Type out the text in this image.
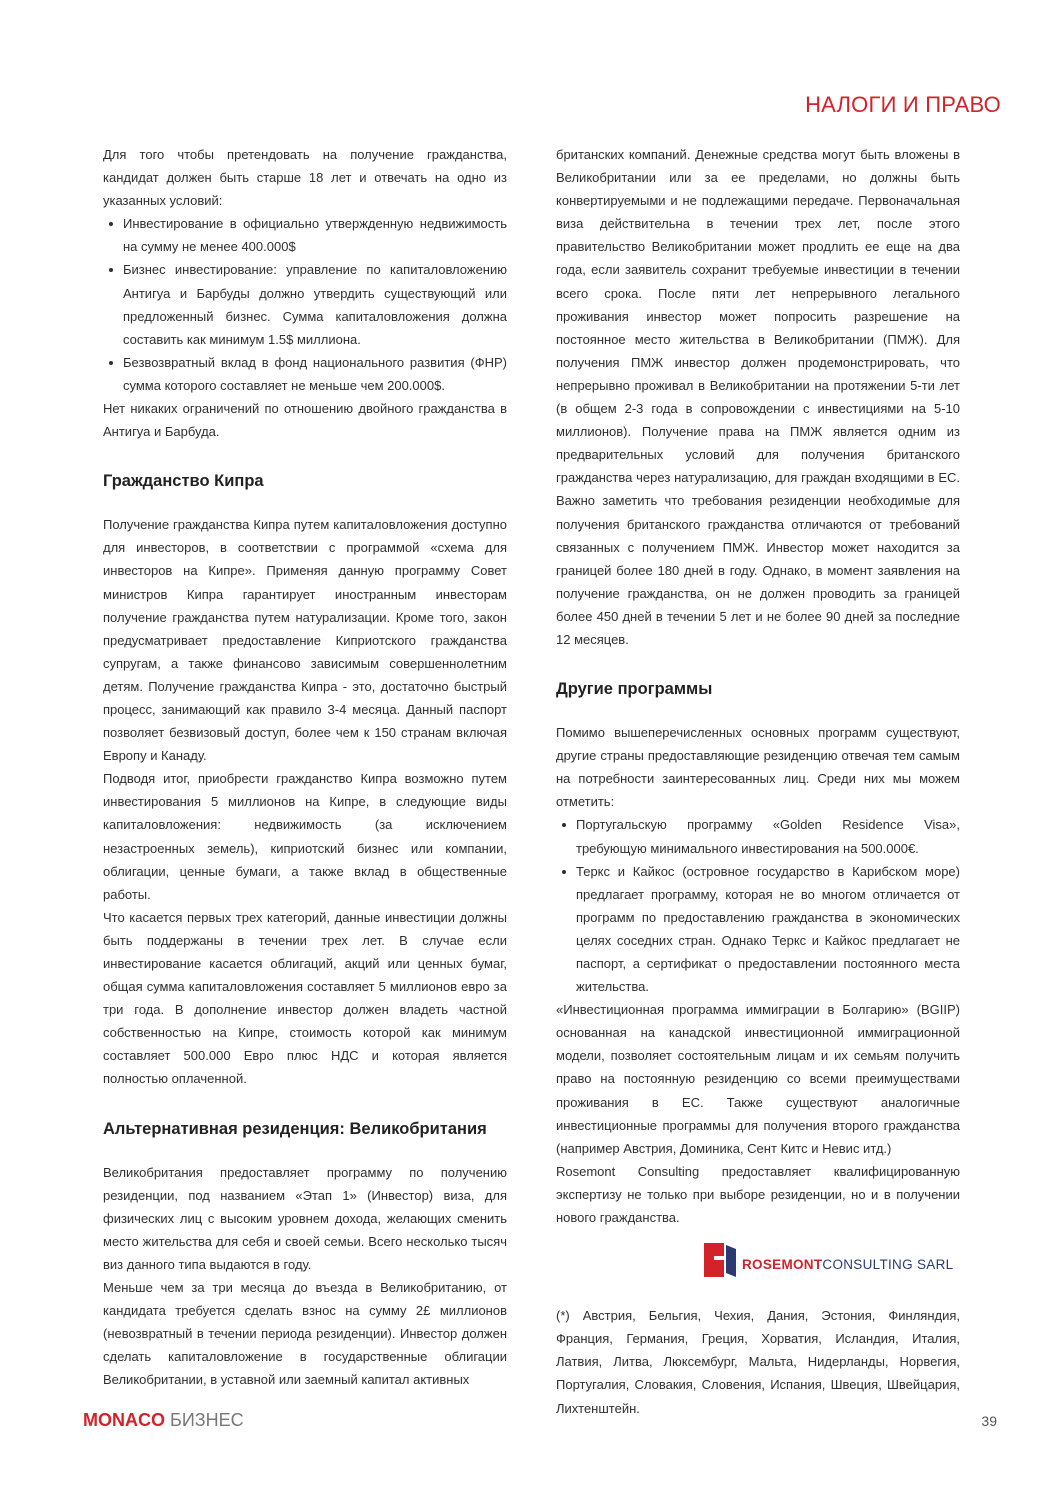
НАЛОГИ И ПРАВО

Для того чтобы претендовать на получение гражданства, кандидат должен быть старше 18 лет и отвечать на одно из указанных условий:

Инвестирование в официально утвержденную недвижимость на сумму не менее 400.000$
Бизнес инвестирование: управление по капиталовложению Антигуа и Барбуды должно утвердить существующий или предложенный бизнес. Сумма капиталовложения должна составить как минимум 1.5$ миллиона.
Безвозвратный вклад в фонд национального развития (ФНР) сумма которого составляет не меньше чем 200.000$.

Нет никаких ограничений по отношению двойного гражданства в Антигуа и Барбуда.

Гражданство Кипра

Получение гражданства Кипра путем капиталовложения доступно для инвесторов, в соответствии с программой «схема для инвесторов на Кипре». Применяя данную программу Совет министров Кипра гарантирует иностранным инвесторам получение гражданства путем натурализации. Кроме того, закон предусматривает предоставление Киприотского гражданства супругам, а также финансово зависимым совершеннолетним детям. Получение гражданства Кипра - это, достаточно быстрый процесс, занимающий как правило 3-4 месяца. Данный паспорт позволяет безвизовый доступ, более чем к 150 странам включая Европу и Канаду.

Подводя итог, приобрести гражданство Кипра возможно путем инвестирования 5 миллионов на Кипре, в следующие виды капиталовложения: недвижимость (за исключением незастроенных земель), киприотский бизнес или компании, облигации, ценные бумаги, а также вклад в общественные работы.

Что касается первых трех категорий, данные инвестиции должны быть поддержаны в течении трех лет. В случае если инвестирование касается облигаций, акций или ценных бумаг, общая сумма капиталовложения составляет 5 миллионов евро за три года. В дополнение инвестор должен владеть частной собственностью на Кипре, стоимость которой как минимум составляет 500.000 Евро плюс НДС и которая является полностью оплаченной.

Альтернативная резиденция: Великобритания

Великобритания предоставляет программу по получению резиденции, под названием «Этап 1» (Инвестор) виза, для физических лиц с высоким уровнем дохода, желающих сменить место жительства для себя и своей семьи. Всего несколько тысяч виз данного типа выдаются в году.

Меньше чем за три месяца до въезда в Великобританию, от кандидата требуется сделать взнос на сумму 2£ миллионов (невозвратный в течении периода резиденции). Инвестор должен сделать капиталовложение в государственные облигации Великобритании, в уставной или заемный капитал активных

британских компаний. Денежные средства могут быть вложены в Великобритании или за ее пределами, но должны быть конвертируемыми и не подлежащими передаче. Первоначальная виза действительна в течении трех лет, после этого правительство Великобритании может продлить ее еще на два года, если заявитель сохранит требуемые инвестиции в течении всего срока. После пяти лет непрерывного легального проживания инвестор может попросить разрешение на постоянное место жительства в Великобритании (ПМЖ). Для получения ПМЖ инвестор должен продемонстрировать, что непрерывно проживал в Великобритании на протяжении 5-ти лет (в общем 2-3 года в сопровождении с инвестициями на 5-10 миллионов). Получение права на ПМЖ является одним из предварительных условий для получения британского гражданства через натурализацию, для граждан входящими в ЕС. Важно заметить что требования резиденции необходимые для получения британского гражданства отличаются от требований связанных с получением ПМЖ. Инвестор может находится за границей более 180 дней в году. Однако, в момент заявления на получение гражданства, он не должен проводить за границей более 450 дней в течении 5 лет и не более 90 дней за последние 12 месяцев.

Другие программы

Помимо вышеперечисленных основных программ существуют, другие страны предоставляющие резиденцию отвечая тем самым на потребности заинтересованных лиц. Среди них мы можем отметить:

Португальскую программу «Golden Residence Visa», требующую минимального инвестирования на 500.000€.
Теркс и Кайкос (островное государство в Карибском море) предлагает программу, которая не во многом отличается от программ по предоставлению гражданства в экономических целях соседних стран. Однако Теркс и Кайкос предлагает не паспорт, а сертификат о предоставлении постоянного места жительства.

«Инвестиционная программа иммиграции в Болгарию» (BGIIP) основанная на канадской инвестиционной иммиграционной модели, позволяет состоятельным лицам и их семьям получить право на постоянную резиденцию со всеми преимуществами проживания в ЕС. Также существуют аналогичные инвестиционные программы для получения второго гражданства (например Австрия, Доминика, Сент Китс и Невис итд.)

Rosemont Consulting предоставляет квалифицированную экспертизу не только при выборе резиденции, но и в получении нового гражданства.

ROSEMONTCONSULTING SARL

(*) Австрия, Бельгия, Чехия, Дания, Эстония, Финляндия, Франция, Германия, Греция, Хорватия, Исландия, Италия, Латвия, Литва, Люксембург, Мальта, Нидерланды, Норвегия, Португалия, Словакия, Словения, Испания, Швеция, Швейцария, Лихтенштейн.

MONACO БИЗНЕС	39
